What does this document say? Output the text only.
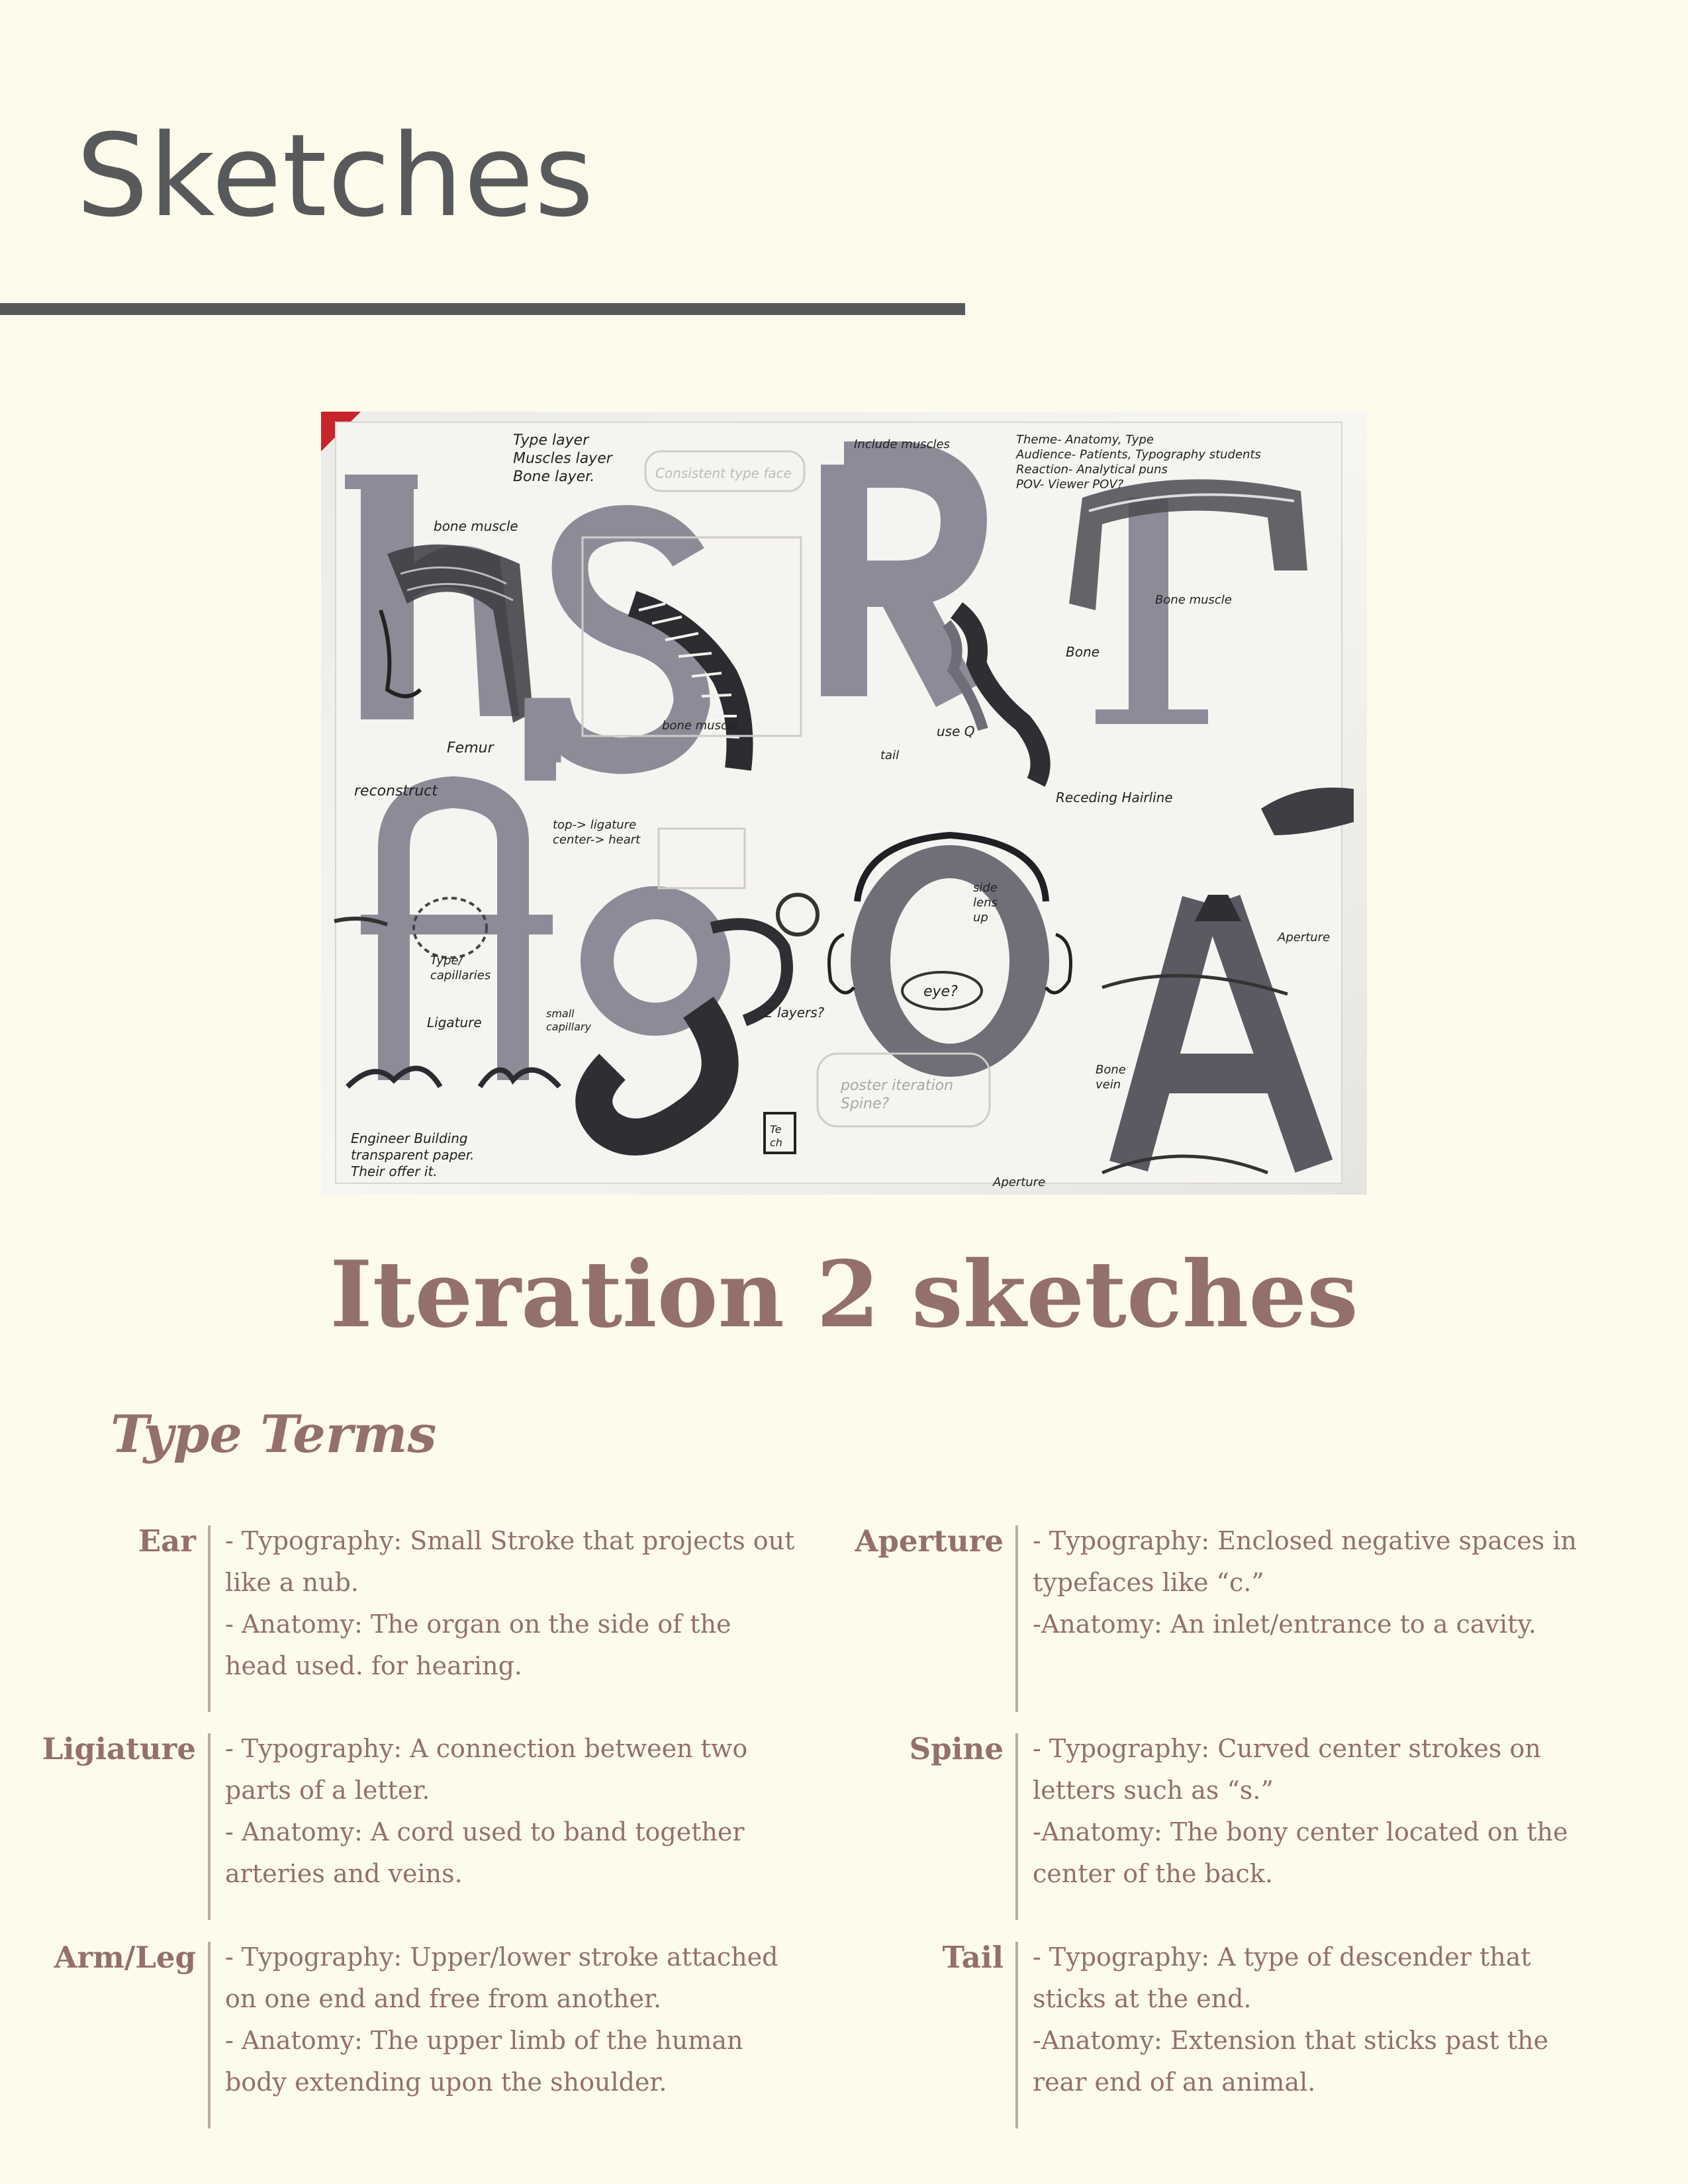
Sketches
Type layer Muscles layer Bone layer.	Consistent type face
Include muscles	Theme- Anatomy, Type Audience- Patients, Typography students Reaction- Analytical puns POV- Viewer POV?
bone muscle
Femur
bone muscle	use Q
tail
Bone
Bone muscle
reconstruct
top-> ligature center-> heart
Receding Hairline
side lens up
eye?
Type/ capillaries
Ligature
small capillary
2 layers?
Aperture
Bone vein
Engineer Building transparent paper. Their offer it.
poster iteration Spine?
Aperture
Te ch
Iteration 2 sketches
Type Terms
Ear - Typography: Small Stroke that projects out like a nub.
- Anatomy: The organ on the side of the head used. for hearing.
Ligiature - Typography: A connection between two parts of a letter.
- Anatomy: A cord used to band together arteries and veins.
Arm/Leg - Typography: Upper/lower stroke attached on one end and free from another.
- Anatomy: The upper limb of the human body extending upon the shoulder.
Aperture - Typography: Enclosed negative spaces in typefaces like “c.”
-Anatomy: An inlet/entrance to a cavity.
Spine - Typography: Curved center strokes on letters such as “s.”
-Anatomy: The bony center located on the center of the back.
Tail - Typography: A type of descender that sticks at the end.
-Anatomy: Extension that sticks past the rear end of an animal.
